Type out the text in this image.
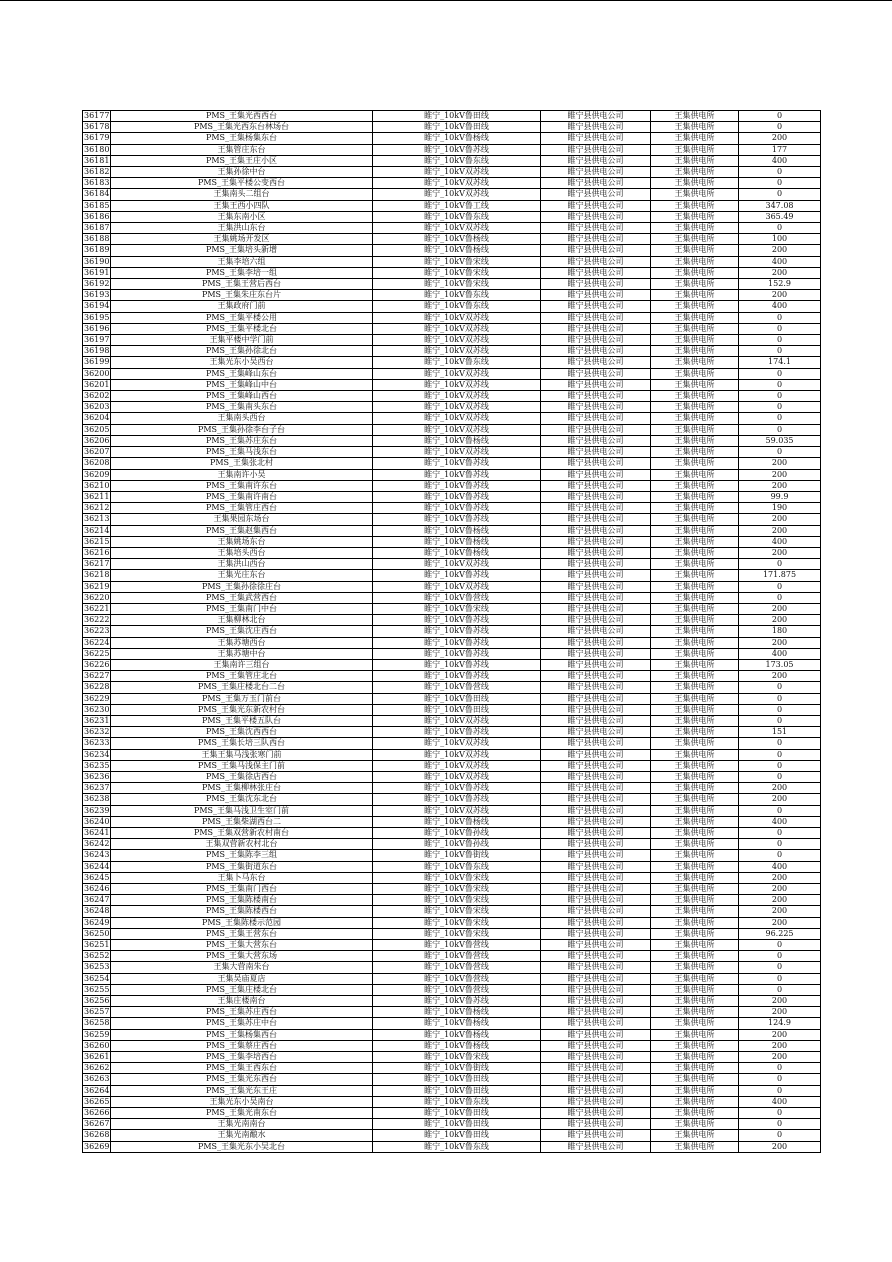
36177	PMS_王集光西西台	睢宁_10kV鲁田线	睢宁县供电公司	王集供电所	0
36178	PMS_王集光西东台林场台	睢宁_10kV鲁田线	睢宁县供电公司	王集供电所	0
36179	PMS_王集杨集东台	睢宁_10kV鲁杨线	睢宁县供电公司	王集供电所	200
36180	王集管庄东台	睢宁_10kV鲁苏线	睢宁县供电公司	王集供电所	177
36181	PMS_王集王庄小区	睢宁_10kV鲁东线	睢宁县供电公司	王集供电所	400
36182	王集孙徐中台	睢宁_10kV双苏线	睢宁县供电公司	王集供电所	0
36183	PMS_王集平楼公变西台	睢宁_10kV双苏线	睢宁县供电公司	王集供电所	0
36184	王集南头二组台	睢宁_10kV双苏线	睢宁县供电公司	王集供电所	0
36185	王集王西小四队	睢宁_10kV鲁工线	睢宁县供电公司	王集供电所	347.08
36186	王集东南小区	睢宁_10kV鲁东线	睢宁县供电公司	王集供电所	365.49
36187	王集洪山东台	睢宁_10kV双苏线	睢宁县供电公司	王集供电所	0
36188	王集姚场开发区	睢宁_10kV鲁杨线	睢宁县供电公司	王集供电所	100
36189	PMS_王集培头新增	睢宁_10kV鲁杨线	睢宁县供电公司	王集供电所	200
36190	王集李培六组	睢宁_10kV鲁宋线	睢宁县供电公司	王集供电所	400
36191	PMS_王集李培一组	睢宁_10kV鲁宋线	睢宁县供电公司	王集供电所	200
36192	PMS_王集王营后西台	睢宁_10kV鲁宋线	睢宁县供电公司	王集供电所	152.9
36193	PMS_王集朱庄东台片	睢宁_10kV鲁东线	睢宁县供电公司	王集供电所	200
36194	王集政府门前	睢宁_10kV鲁东线	睢宁县供电公司	王集供电所	400
36195	PMS_王集平楼公用	睢宁_10kV双苏线	睢宁县供电公司	王集供电所	0
36196	PMS_王集平楼北台	睢宁_10kV双苏线	睢宁县供电公司	王集供电所	0
36197	王集平楼中学门前	睢宁_10kV双苏线	睢宁县供电公司	王集供电所	0
36198	PMS_王集孙徐北台	睢宁_10kV双苏线	睢宁县供电公司	王集供电所	0
36199	王集光东小吴西台	睢宁_10kV鲁东线	睢宁县供电公司	王集供电所	174.1
36200	PMS_王集峰山东台	睢宁_10kV双苏线	睢宁县供电公司	王集供电所	0
36201	PMS_王集峰山中台	睢宁_10kV双苏线	睢宁县供电公司	王集供电所	0
36202	PMS_王集峰山西台	睢宁_10kV双苏线	睢宁县供电公司	王集供电所	0
36203	PMS_王集南头东台	睢宁_10kV双苏线	睢宁县供电公司	王集供电所	0
36204	王集南头西台	睢宁_10kV双苏线	睢宁县供电公司	王集供电所	0
36205	PMS_王集孙徐李台子台	睢宁_10kV双苏线	睢宁县供电公司	王集供电所	0
36206	PMS_王集苏庄东台	睢宁_10kV鲁杨线	睢宁县供电公司	王集供电所	59.035
36207	PMS_王集马浅东台	睢宁_10kV双苏线	睢宁县供电公司	王集供电所	0
36208	PMS_王集张北村	睢宁_10kV鲁苏线	睢宁县供电公司	王集供电所	200
36209	王集南许小吴	睢宁_10kV鲁苏线	睢宁县供电公司	王集供电所	200
36210	PMS_王集南许东台	睢宁_10kV鲁苏线	睢宁县供电公司	王集供电所	200
36211	PMS_王集南许南台	睢宁_10kV鲁苏线	睢宁县供电公司	王集供电所	99.9
36212	PMS_王集管庄西台	睢宁_10kV鲁苏线	睢宁县供电公司	王集供电所	190
36213	王集果园东场台	睢宁_10kV鲁苏线	睢宁县供电公司	王集供电所	200
36214	PMS_王集赵集西台	睢宁_10kV鲁杨线	睢宁县供电公司	王集供电所	200
36215	王集姚场东台	睢宁_10kV鲁杨线	睢宁县供电公司	王集供电所	400
36216	王集培头西台	睢宁_10kV鲁杨线	睢宁县供电公司	王集供电所	200
36217	王集洪山西台	睢宁_10kV双苏线	睢宁县供电公司	王集供电所	0
36218	王集光庄东台	睢宁_10kV鲁苏线	睢宁县供电公司	王集供电所	171.875
36219	PMS_王集孙徐徐庄台	睢宁_10kV双苏线	睢宁县供电公司	王集供电所	0
36220	PMS_王集武营西台	睢宁_10kV鲁营线	睢宁县供电公司	王集供电所	0
36221	PMS_王集南门中台	睢宁_10kV鲁宋线	睢宁县供电公司	王集供电所	200
36222	王集柳林北台	睢宁_10kV鲁苏线	睢宁县供电公司	王集供电所	200
36223	PMS_王集沈庄西台	睢宁_10kV鲁苏线	睢宁县供电公司	王集供电所	180
36224	王集苏塘西台	睢宁_10kV鲁苏线	睢宁县供电公司	王集供电所	200
36225	王集苏塘中台	睢宁_10kV鲁苏线	睢宁县供电公司	王集供电所	400
36226	王集南许三组台	睢宁_10kV鲁苏线	睢宁县供电公司	王集供电所	173.05
36227	PMS_王集管庄北台	睢宁_10kV鲁苏线	睢宁县供电公司	王集供电所	200
36228	PMS_王集庄楼北台二台	睢宁_10kV鲁营线	睢宁县供电公司	王集供电所	0
36229	PMS_王集万玉门前台	睢宁_10kV鲁田线	睢宁县供电公司	王集供电所	0
36230	PMS_王集光东新农村台	睢宁_10kV鲁田线	睢宁县供电公司	王集供电所	0
36231	PMS_王集平楼五队台	睢宁_10kV双苏线	睢宁县供电公司	王集供电所	0
36232	PMS_王集沈西西台	睢宁_10kV鲁苏线	睢宁县供电公司	王集供电所	151
36233	PMS_王集长培三队西台	睢宁_10kV双苏线	睢宁县供电公司	王集供电所	0
36234	王集王集马浅张寒门前	睢宁_10kV双苏线	睢宁县供电公司	王集供电所	0
36235	PMS_王集马浅保主门前	睢宁_10kV双苏线	睢宁县供电公司	王集供电所	0
36236	PMS_王集徐店西台	睢宁_10kV双苏线	睢宁县供电公司	王集供电所	0
36237	PMS_王集柳林张庄台	睢宁_10kV鲁苏线	睢宁县供电公司	王集供电所	200
36238	PMS_王集沈东北台	睢宁_10kV鲁苏线	睢宁县供电公司	王集供电所	200
36239	PMS_王集马浅卫生室门前	睢宁_10kV双苏线	睢宁县供电公司	王集供电所	0
36240	PMS_王集柴湖西台二	睢宁_10kV鲁杨线	睢宁县供电公司	王集供电所	400
36241	PMS_王集双营新农村南台	睢宁_10kV鲁孙线	睢宁县供电公司	王集供电所	0
36242	王集双营新农村北台	睢宁_10kV鲁孙线	睢宁县供电公司	王集供电所	0
36243	PMS_王集陈李三组	睢宁_10kV鲁街线	睢宁县供电公司	王集供电所	0
36244	PMS_王集街道东台	睢宁_10kV鲁东线	睢宁县供电公司	王集供电所	400
36245	王集卜马东台	睢宁_10kV鲁宋线	睢宁县供电公司	王集供电所	200
36246	PMS_王集南门西台	睢宁_10kV鲁宋线	睢宁县供电公司	王集供电所	200
36247	PMS_王集陈楼南台	睢宁_10kV鲁宋线	睢宁县供电公司	王集供电所	200
36248	PMS_王集陈楼西台	睢宁_10kV鲁宋线	睢宁县供电公司	王集供电所	200
36249	PMS_王集陈楼示范园	睢宁_10kV鲁宋线	睢宁县供电公司	王集供电所	200
36250	PMS_王集王营东台	睢宁_10kV鲁宋线	睢宁县供电公司	王集供电所	96.225
36251	PMS_王集大营东台	睢宁_10kV鲁营线	睢宁县供电公司	王集供电所	0
36252	PMS_王集大营东场	睢宁_10kV鲁营线	睢宁县供电公司	王集供电所	0
36253	王集大营南朱台	睢宁_10kV鲁营线	睢宁县供电公司	王集供电所	0
36254	王集吴庙夏店	睢宁_10kV鲁营线	睢宁县供电公司	王集供电所	0
36255	PMS_王集庄楼北台	睢宁_10kV鲁营线	睢宁县供电公司	王集供电所	0
36256	王集庄楼南台	睢宁_10kV鲁苏线	睢宁县供电公司	王集供电所	200
36257	PMS_王集苏庄西台	睢宁_10kV鲁杨线	睢宁县供电公司	王集供电所	200
36258	PMS_王集苏庄中台	睢宁_10kV鲁杨线	睢宁县供电公司	王集供电所	124.9
36259	PMS_王集杨集西台	睢宁_10kV鲁杨线	睢宁县供电公司	王集供电所	200
36260	PMS_王集蔡庄西台	睢宁_10kV鲁杨线	睢宁县供电公司	王集供电所	200
36261	PMS_王集李培西台	睢宁_10kV鲁宋线	睢宁县供电公司	王集供电所	200
36262	PMS_王集王西东台	睢宁_10kV鲁街线	睢宁县供电公司	王集供电所	0
36263	PMS_王集光东西台	睢宁_10kV鲁田线	睢宁县供电公司	王集供电所	0
36264	PMS_王集光东王庄	睢宁_10kV鲁田线	睢宁县供电公司	王集供电所	0
36265	王集光东小吴南台	睢宁_10kV鲁东线	睢宁县供电公司	王集供电所	400
36266	PMS_王集光南东台	睢宁_10kV鲁田线	睢宁县供电公司	王集供电所	0
36267	王集光南南台	睢宁_10kV鲁田线	睢宁县供电公司	王集供电所	0
36268	王集光南酿水	睢宁_10kV鲁田线	睢宁县供电公司	王集供电所	0
36269	PMS_王集光东小吴北台	睢宁_10kV鲁东线	睢宁县供电公司	王集供电所	200
